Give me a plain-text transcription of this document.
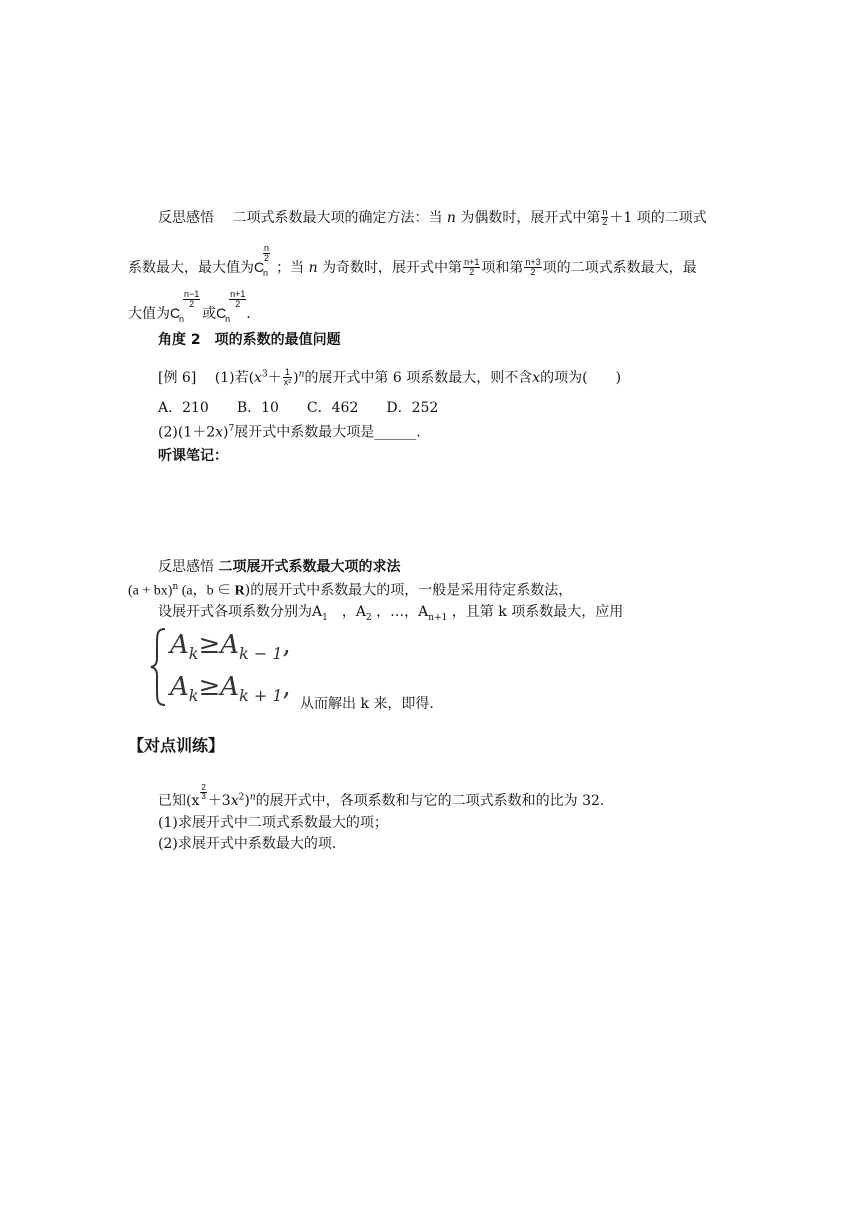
反思感悟　 二项式系数最大项的确定方法：当 n 为偶数时，展开式中第 $\frac{n}{2} +1$ 项的二项式
系数最大，最大值为C
n
$\frac{n}{2}$
；当 n 为奇数时，展开式中第 $\frac{n+1}{2}$ 项和第 $\frac{n+3}{2}$ 项的二项式系数最大，最
大值为C
n
$\frac{n-1}{2}$
或C
n
$\frac{n+1}{2}$
.
角度 2　项的系数的最值问题
[例 6]　 (1)若$(x^3+ \frac{1}{\text{x²}} )^n$的展开式中第 6 项系数最大，则不含x的项为(　　)
A．210　　B．10　　C．462　　D．252
$(2)(1+2x)^7$展开式中系数最大项是______.
听课笔记：
反思感悟 二项展开式系数最大项的求法
(a + bx)$^n$ (a，b ∈ R)的展开式中系数最大的项，一般是采用待定系数法，
设展开式各项系数分别为$A_1$　，$A_2$ ，…，$A_{n+1}$ ，且第 k 项系数最大，应用
$A_k\ge A_{k - 1}$,
$A_k\ge A_{k + 1}$,
从而解出 k 来，即得.
【对点训练】
已知$(x \frac{2}{3} +3x^2)^n$的展开式中，各项系数和与它的二项式系数和的比为 32.
(1)求展开式中二项式系数最大的项；
(2)求展开式中系数最大的项.
